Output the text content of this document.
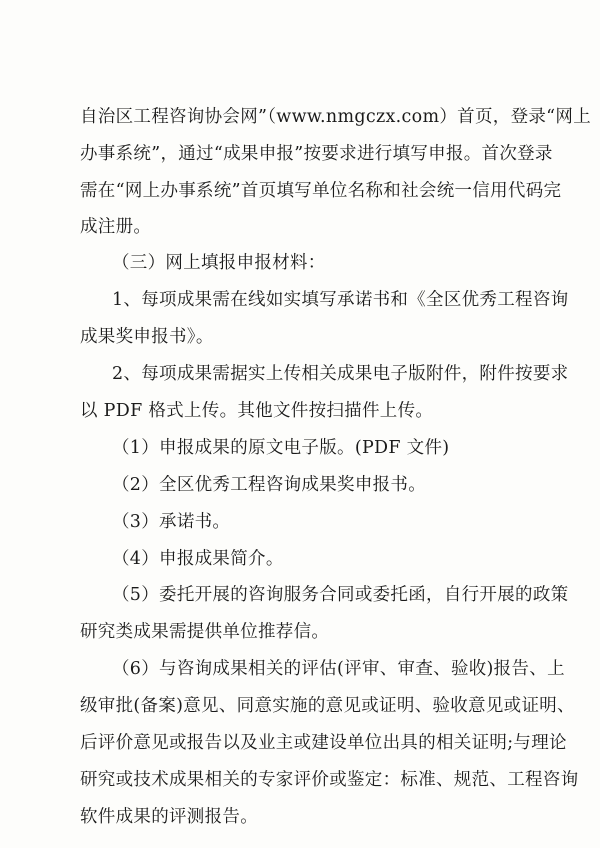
自治区工程咨询协会网”（www.nmgczx.com）首页，登录“网上
办事系统”，通过“成果申报”按要求进行填写申报。首次登录
需在“网上办事系统”首页填写单位名称和社会统一信用代码完
成注册。
（三）网上填报申报材料：
1、每项成果需在线如实填写承诺书和《全区优秀工程咨询
成果奖申报书》。
2、每项成果需据实上传相关成果电子版附件，附件按要求
以 PDF 格式上传。其他文件按扫描件上传。
（1）申报成果的原文电子版。(PDF 文件)
（2）全区优秀工程咨询成果奖申报书。
（3）承诺书。
（4）申报成果简介。
（5）委托开展的咨询服务合同或委托函，自行开展的政策
研究类成果需提供单位推荐信。
（6）与咨询成果相关的评估(评审、审查、验收)报告、上
级审批(备案)意见、同意实施的意见或证明、验收意见或证明、
后评价意见或报告以及业主或建设单位出具的相关证明;与理论
研究或技术成果相关的专家评价或鉴定：标准、规范、工程咨询
软件成果的评测报告。
